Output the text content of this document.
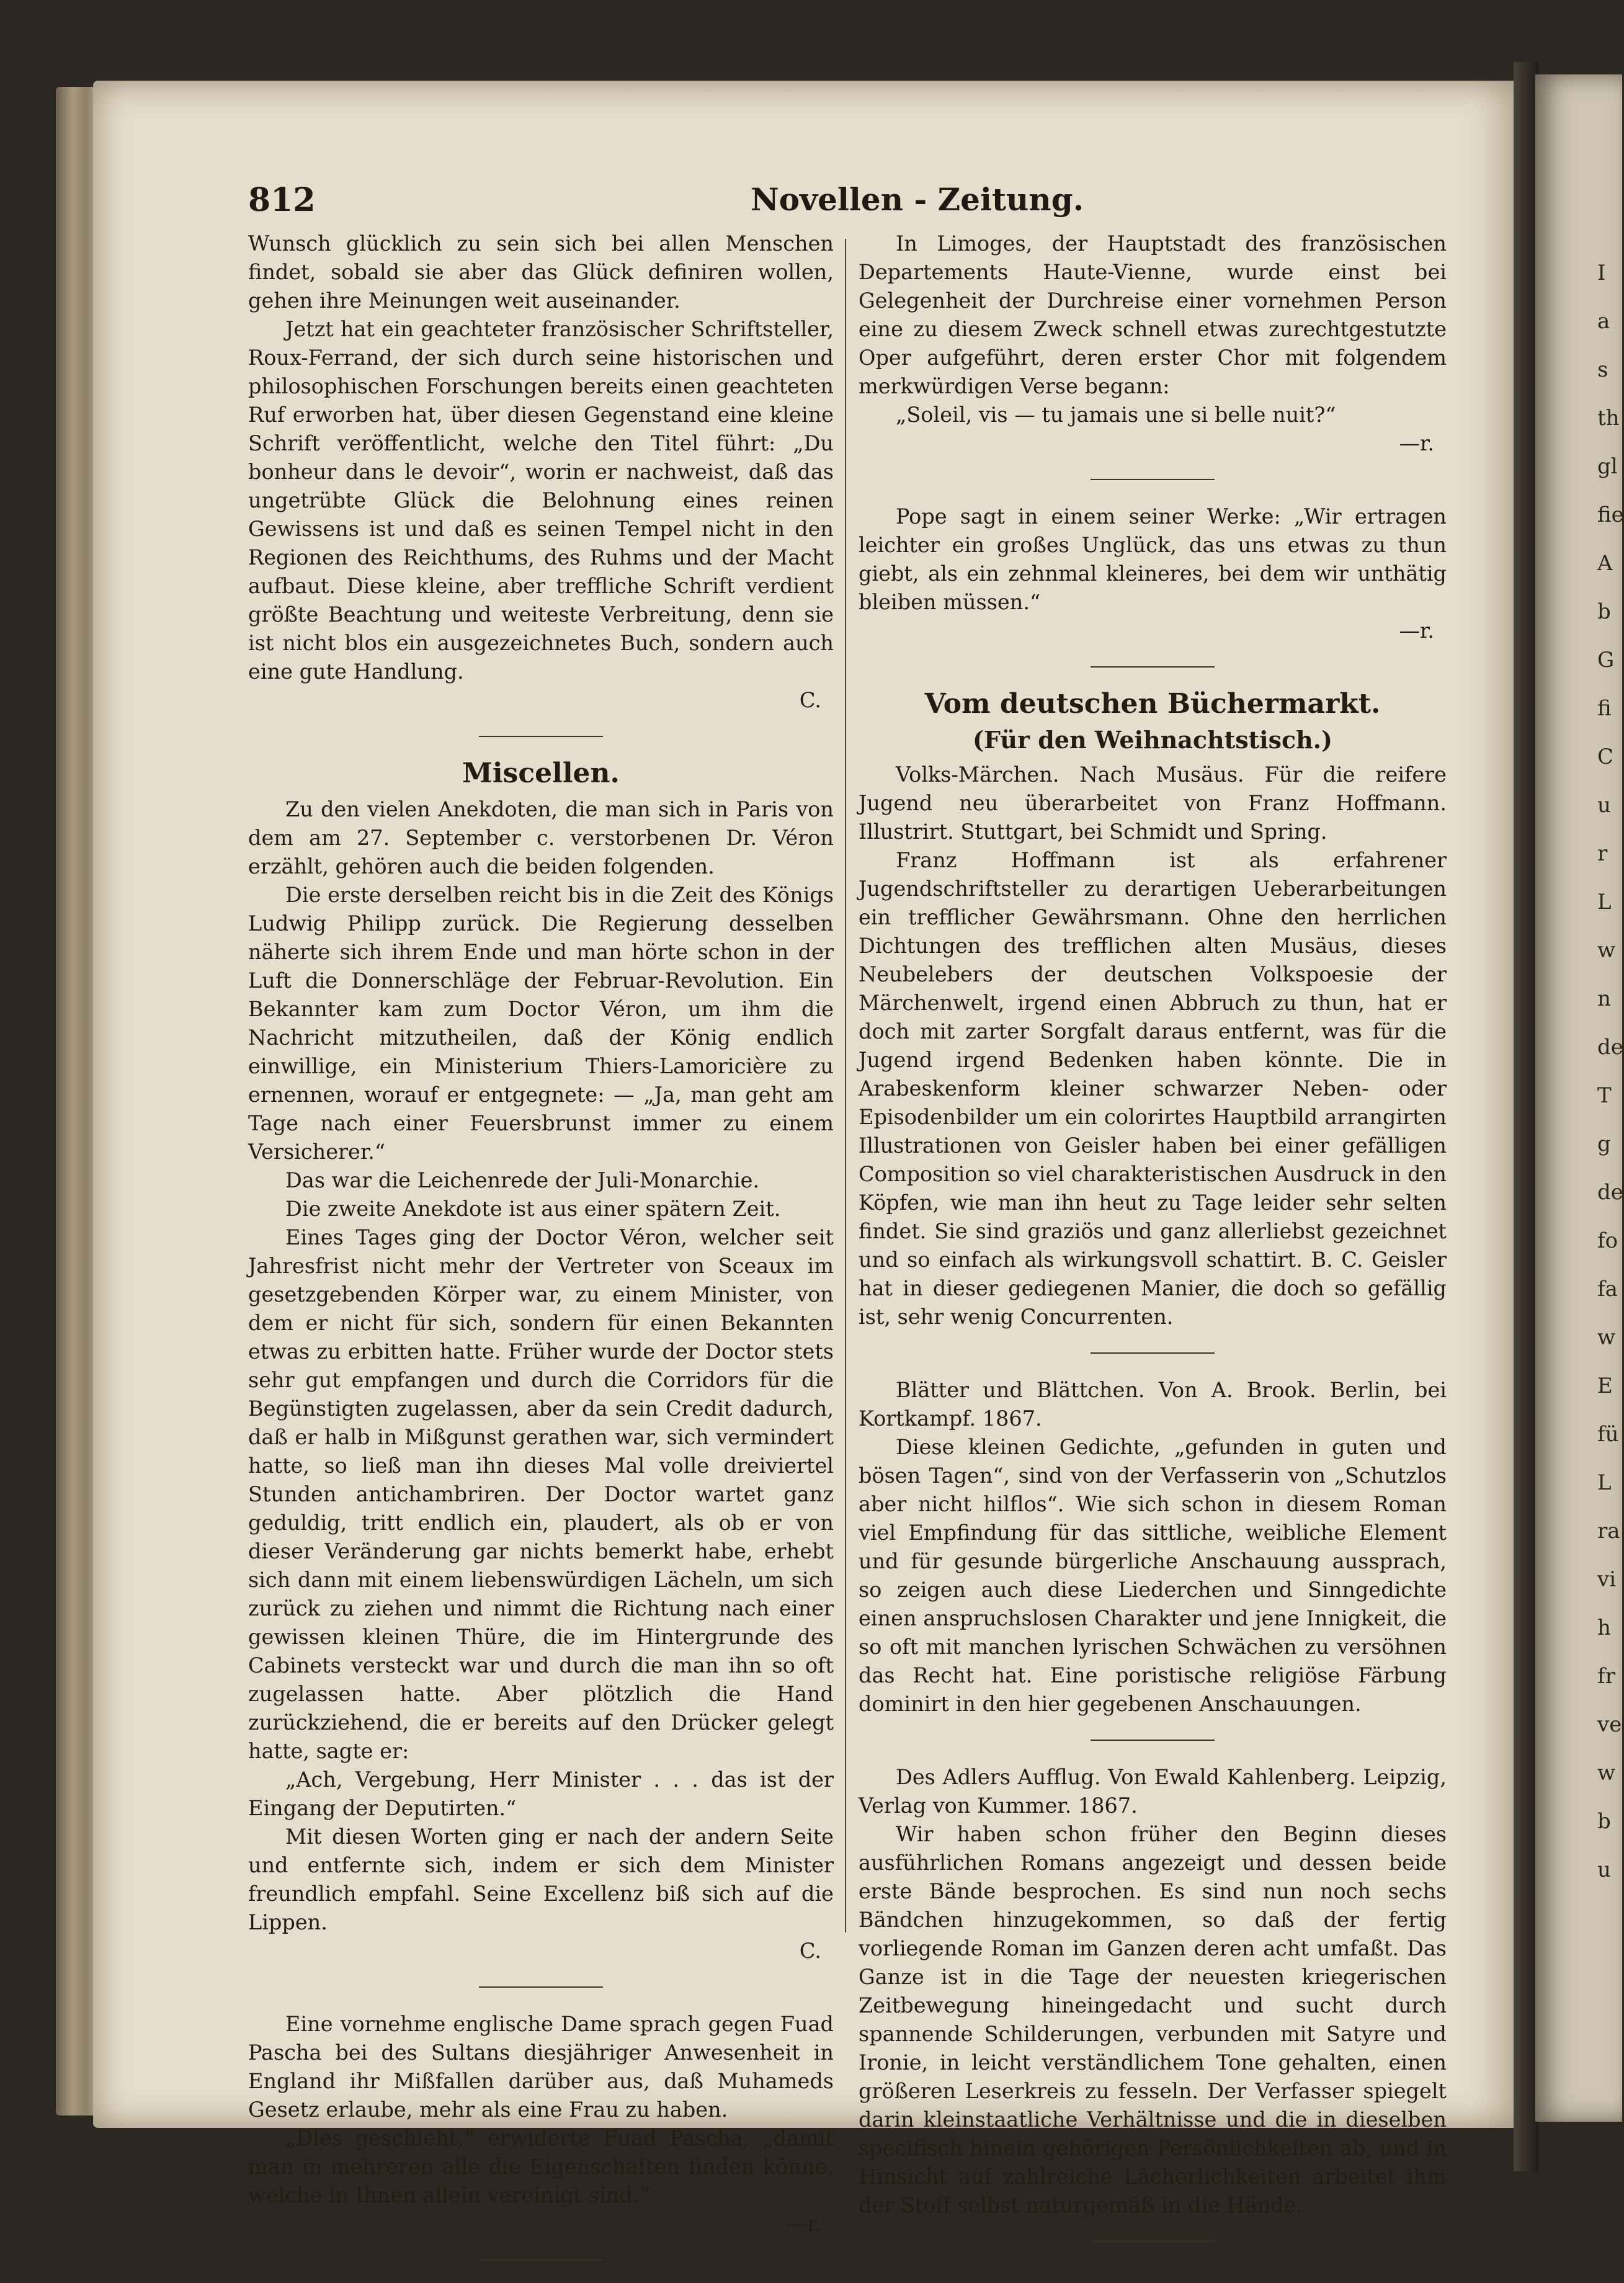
I
a
s
th
gl
fie
A
b
G
fi
C
u
r
L
w
n
de
T
g
de
fo
fa
w
E
fü
L
ra
vi
h
fr
ve
w
b
u
812	Novellen - Zeitung.

Wunsch glücklich zu sein sich bei allen Menschen findet, sobald sie aber das Glück definiren wollen, gehen ihre Meinungen weit auseinander.

Jetzt hat ein geachteter französischer Schriftsteller, Roux-Ferrand, der sich durch seine historischen und philosophischen Forschungen bereits einen geachteten Ruf erworben hat, über diesen Gegenstand eine kleine Schrift veröffentlicht, welche den Titel führt: „Du bonheur dans le devoir“, worin er nachweist, daß das ungetrübte Glück die Belohnung eines reinen Gewissens ist und daß es seinen Tempel nicht in den Regionen des Reichthums, des Ruhms und der Macht aufbaut. Diese kleine, aber treffliche Schrift verdient größte Beachtung und weiteste Verbreitung, denn sie ist nicht blos ein ausgezeichnetes Buch, sondern auch eine gute Handlung.

C.
Miscellen.

Zu den vielen Anekdoten, die man sich in Paris von dem am 27. September c. verstorbenen Dr. Véron erzählt, gehören auch die beiden folgenden.

Die erste derselben reicht bis in die Zeit des Königs Ludwig Philipp zurück. Die Regierung desselben näherte sich ihrem Ende und man hörte schon in der Luft die Donnerschläge der Februar-Revolution. Ein Bekannter kam zum Doctor Véron, um ihm die Nachricht mitzutheilen, daß der König endlich einwillige, ein Ministerium Thiers-Lamoricière zu ernennen, worauf er entgegnete: — „Ja, man geht am Tage nach einer Feuersbrunst immer zu einem Versicherer.“

Das war die Leichenrede der Juli-Monarchie.

Die zweite Anekdote ist aus einer spätern Zeit.

Eines Tages ging der Doctor Véron, welcher seit Jahresfrist nicht mehr der Vertreter von Sceaux im gesetzgebenden Körper war, zu einem Minister, von dem er nicht für sich, sondern für einen Bekannten etwas zu erbitten hatte. Früher wurde der Doctor stets sehr gut empfangen und durch die Corridors für die Begünstigten zugelassen, aber da sein Credit dadurch, daß er halb in Mißgunst gerathen war, sich vermindert hatte, so ließ man ihn dieses Mal volle dreiviertel Stunden antichambriren. Der Doctor wartet ganz geduldig, tritt endlich ein, plaudert, als ob er von dieser Veränderung gar nichts bemerkt habe, erhebt sich dann mit einem liebenswürdigen Lächeln, um sich zurück zu ziehen und nimmt die Richtung nach einer gewissen kleinen Thüre, die im Hintergrunde des Cabinets versteckt war und durch die man ihn so oft zugelassen hatte. Aber plötzlich die Hand zurückziehend, die er bereits auf den Drücker gelegt hatte, sagte er:

„Ach, Vergebung, Herr Minister . . . das ist der Eingang der Deputirten.“

Mit diesen Worten ging er nach der andern Seite und entfernte sich, indem er sich dem Minister freundlich empfahl. Seine Excellenz biß sich auf die Lippen.

C.

Eine vornehme englische Dame sprach gegen Fuad Pascha bei des Sultans diesjähriger Anwesenheit in England ihr Mißfallen darüber aus, daß Muhameds Gesetz erlaube, mehr als eine Frau zu haben.

„Dies geschieht,“ erwiderte Fuad Pascha, „damit man in mehreren alle die Eigenschaften finden könne, welche in Ihnen allein vereinigt sind.“

—r.

In Limoges, der Hauptstadt des französischen Departements Haute-Vienne, wurde einst bei Gelegenheit der Durchreise einer vornehmen Person eine zu diesem Zweck schnell etwas zurechtgestutzte Oper aufgeführt, deren erster Chor mit folgendem merkwürdigen Verse begann:

„Soleil, vis — tu jamais une si belle nuit?“

—r.

Pope sagt in einem seiner Werke: „Wir ertragen leichter ein großes Unglück, das uns etwas zu thun giebt, als ein zehnmal kleineres, bei dem wir unthätig bleiben müssen.“

—r.
Vom deutschen Büchermarkt.
(Für den Weihnachtstisch.)

Volks-Märchen. Nach Musäus. Für die reifere Jugend neu überarbeitet von Franz Hoffmann. Illustrirt. Stuttgart, bei Schmidt und Spring.

Franz Hoffmann ist als erfahrener Jugendschriftsteller zu derartigen Ueberarbeitungen ein trefflicher Gewährsmann. Ohne den herrlichen Dichtungen des trefflichen alten Musäus, dieses Neubelebers der deutschen Volkspoesie der Märchenwelt, irgend einen Abbruch zu thun, hat er doch mit zarter Sorgfalt daraus entfernt, was für die Jugend irgend Bedenken haben könnte. Die in Arabeskenform kleiner schwarzer Neben- oder Episodenbilder um ein colorirtes Hauptbild arrangirten Illustrationen von Geisler haben bei einer gefälligen Composition so viel charakteristischen Ausdruck in den Köpfen, wie man ihn heut zu Tage leider sehr selten findet. Sie sind graziös und ganz allerliebst gezeichnet und so einfach als wirkungsvoll schattirt. B. C. Geisler hat in dieser gediegenen Manier, die doch so gefällig ist, sehr wenig Concurrenten.

Blätter und Blättchen. Von A. Brook. Berlin, bei Kortkampf. 1867.

Diese kleinen Gedichte, „gefunden in guten und bösen Tagen“, sind von der Verfasserin von „Schutzlos aber nicht hilflos“. Wie sich schon in diesem Roman viel Empfindung für das sittliche, weibliche Element und für gesunde bürgerliche Anschauung aussprach, so zeigen auch diese Liederchen und Sinngedichte einen anspruchslosen Charakter und jene Innigkeit, die so oft mit manchen lyrischen Schwächen zu versöhnen das Recht hat. Eine poristische religiöse Färbung dominirt in den hier gegebenen Anschauungen.

Des Adlers Aufflug. Von Ewald Kahlenberg. Leipzig, Verlag von Kummer. 1867.

Wir haben schon früher den Beginn dieses ausführlichen Romans angezeigt und dessen beide erste Bände besprochen. Es sind nun noch sechs Bändchen hinzugekommen, so daß der fertig vorliegende Roman im Ganzen deren acht umfaßt. Das Ganze ist in die Tage der neuesten kriegerischen Zeitbewegung hineingedacht und sucht durch spannende Schilderungen, verbunden mit Satyre und Ironie, in leicht verständlichem Tone gehalten, einen größeren Leserkreis zu fesseln. Der Verfasser spiegelt darin kleinstaatliche Verhältnisse und die in dieselben specifisch hinein gehörigen Persönlichkeiten ab, und in Hinsicht auf zahlreiche Lächerlichkeiten arbeitet ihm der Stoff selbst naturgemäß in die Hände.
